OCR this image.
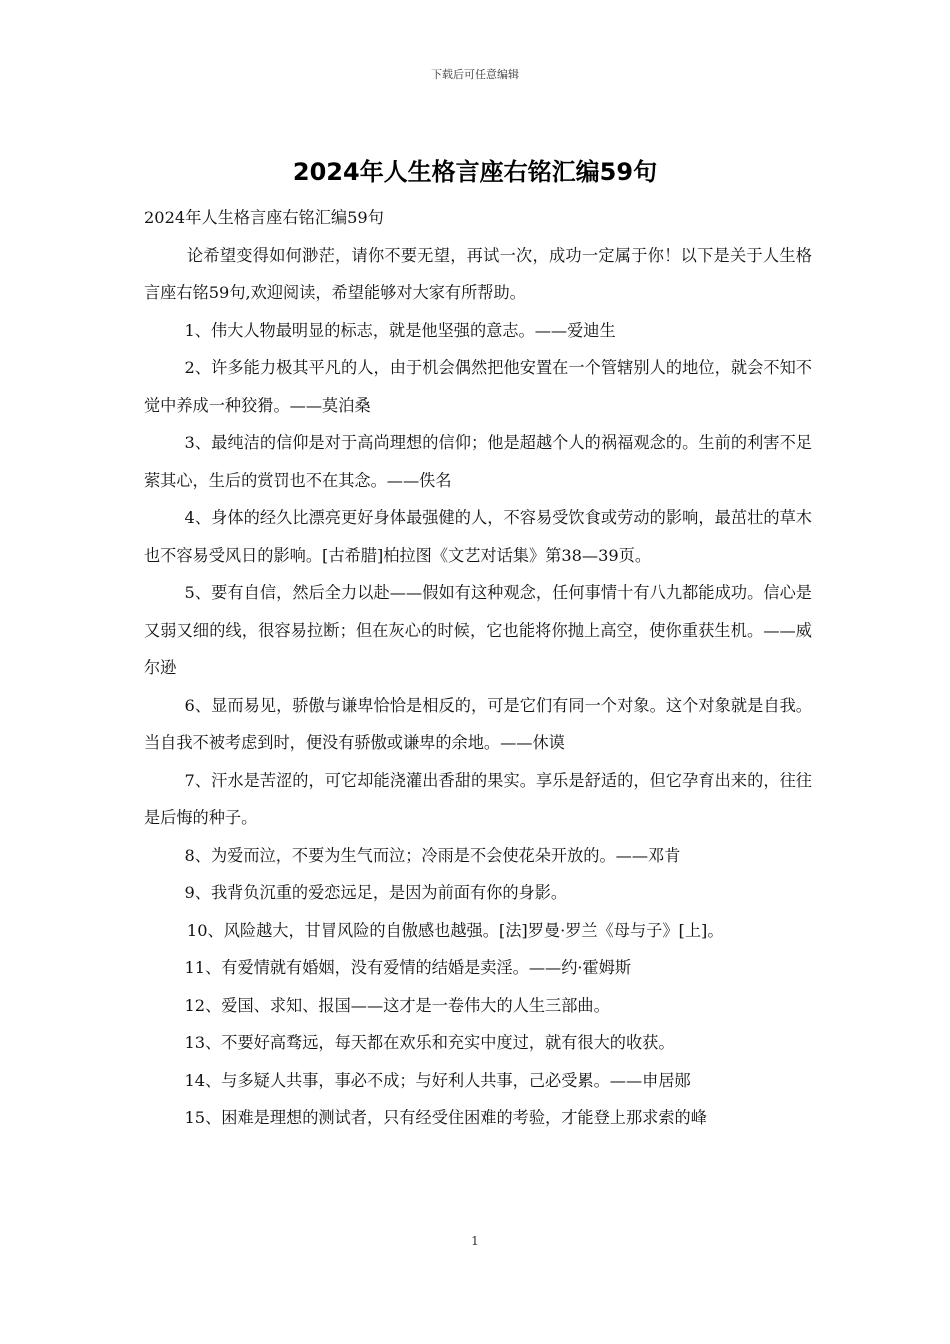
下载后可任意编辑
2024年人生格言座右铭汇编59句

2024年人生格言座右铭汇编59句

论希望变得如何渺茫，请你不要无望，再试一次，成功一定属于你！以下是关于人生格言座右铭59句,欢迎阅读，希望能够对大家有所帮助。

1、伟大人物最明显的标志，就是他坚强的意志。——爱迪生

2、许多能力极其平凡的人，由于机会偶然把他安置在一个管辖别人的地位，就会不知不觉中养成一种狡猾。——莫泊桑

3、最纯洁的信仰是对于高尚理想的信仰；他是超越个人的祸福观念的。生前的利害不足萦其心，生后的赏罚也不在其念。——佚名

4、身体的经久比漂亮更好身体最强健的人，不容易受饮食或劳动的影响，最茁壮的草木也不容易受风日的影响。[古希腊]柏拉图《文艺对话集》第38—39页。

5、要有自信，然后全力以赴——假如有这种观念，任何事情十有八九都能成功。信心是又弱又细的线，很容易拉断；但在灰心的时候，它也能将你抛上高空，使你重获生机。——威尔逊

6、显而易见，骄傲与谦卑恰恰是相反的，可是它们有同一个对象。这个对象就是自我。当自我不被考虑到时，便没有骄傲或谦卑的余地。——休谟

7、汗水是苦涩的，可它却能浇灌出香甜的果实。享乐是舒适的，但它孕育出来的，往往是后悔的种子。

8、为爱而泣，不要为生气而泣；冷雨是不会使花朵开放的。——邓肯

9、我背负沉重的爱恋远足，是因为前面有你的身影。

10、风险越大，甘冒风险的自傲感也越强。[法]罗曼·罗兰《母与子》[上]。

11、有爱情就有婚姻，没有爱情的结婚是卖淫。——约·霍姆斯

12、爱国、求知、报国——这才是一卷伟大的人生三部曲。

13、不要好高骛远，每天都在欢乐和充实中度过，就有很大的收获。

14、与多疑人共事，事必不成；与好利人共事，己必受累。——申居郧

15、困难是理想的测试者，只有经受住困难的考验，才能登上那求索的峰

1
